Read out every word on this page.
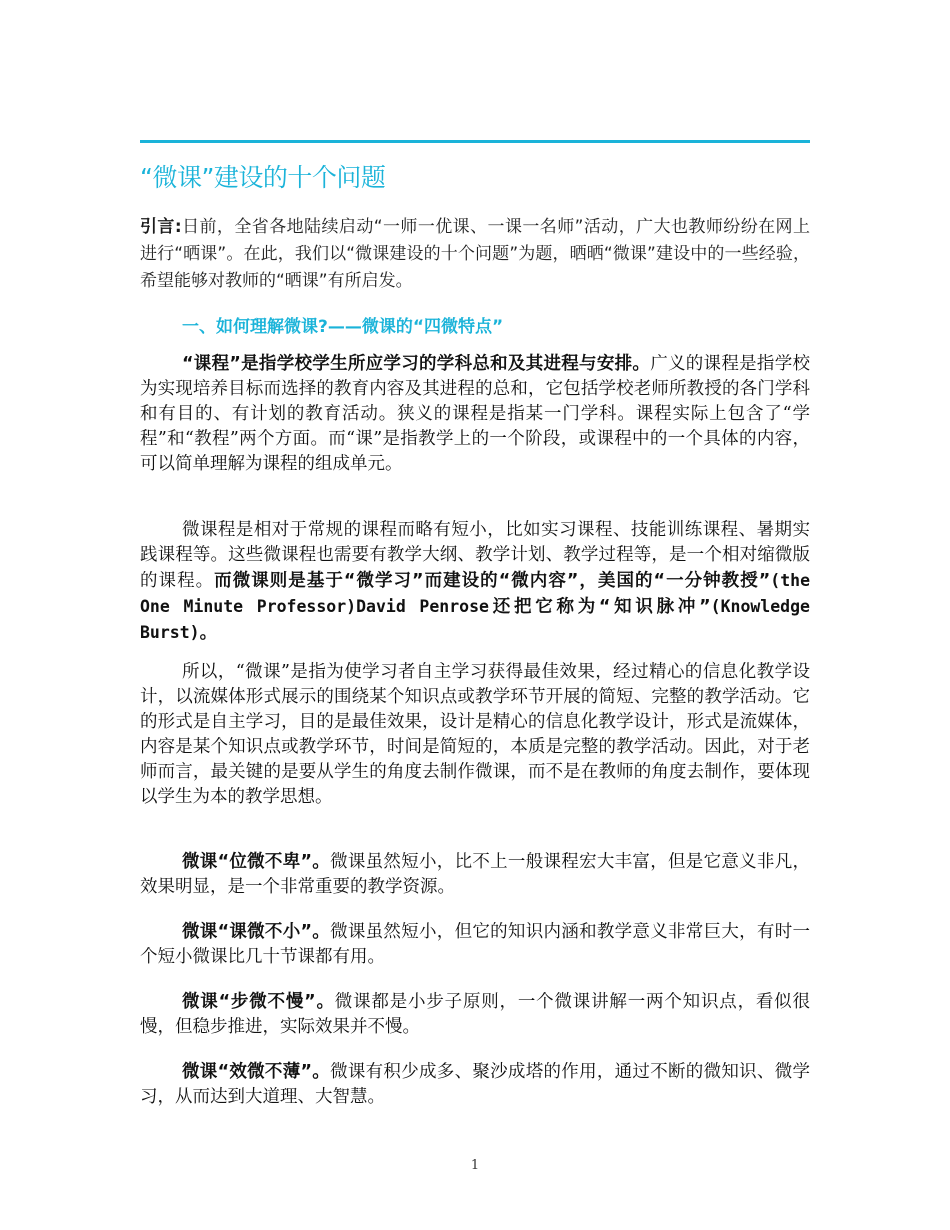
“微课”建设的十个问题
引言:日前，全省各地陆续启动“一师一优课、一课一名师”活动，广大也教师纷纷在网上进行“晒课”。在此，我们以“微课建设的十个问题”为题，晒晒“微课”建设中的一些经验，希望能够对教师的“晒课”有所启发。
一、如何理解微课?——微课的“四微特点”
“课程”是指学校学生所应学习的学科总和及其进程与安排。广义的课程是指学校为实现培养目标而选择的教育内容及其进程的总和，它包括学校老师所教授的各门学科和有目的、有计划的教育活动。狭义的课程是指某一门学科。课程实际上包含了“学程”和“教程”两个方面。而“课”是指教学上的一个阶段，或课程中的一个具体的内容，可以简单理解为课程的组成单元。
微课程是相对于常规的课程而略有短小，比如实习课程、技能训练课程、暑期实践课程等。这些微课程也需要有教学大纲、教学计划、教学过程等，是一个相对缩微版的课程。而微课则是基于“微学习”而建设的“微内容”，美国的“一分钟教授”(the One Minute Professor)David Penrose还把它称为“知识脉冲”(Knowledge Burst)。
所以，“微课”是指为使学习者自主学习获得最佳效果，经过精心的信息化教学设计，以流媒体形式展示的围绕某个知识点或教学环节开展的简短、完整的教学活动。它的形式是自主学习，目的是最佳效果，设计是精心的信息化教学设计，形式是流媒体，内容是某个知识点或教学环节，时间是简短的，本质是完整的教学活动。因此，对于老师而言，最关键的是要从学生的角度去制作微课，而不是在教师的角度去制作，要体现以学生为本的教学思想。
微课“位微不卑”。微课虽然短小，比不上一般课程宏大丰富，但是它意义非凡，效果明显，是一个非常重要的教学资源。
微课“课微不小”。微课虽然短小，但它的知识内涵和教学意义非常巨大，有时一个短小微课比几十节课都有用。
微课“步微不慢”。微课都是小步子原则，一个微课讲解一两个知识点，看似很慢，但稳步推进，实际效果并不慢。
微课“效微不薄”。微课有积少成多、聚沙成塔的作用，通过不断的微知识、微学习，从而达到大道理、大智慧。
1
